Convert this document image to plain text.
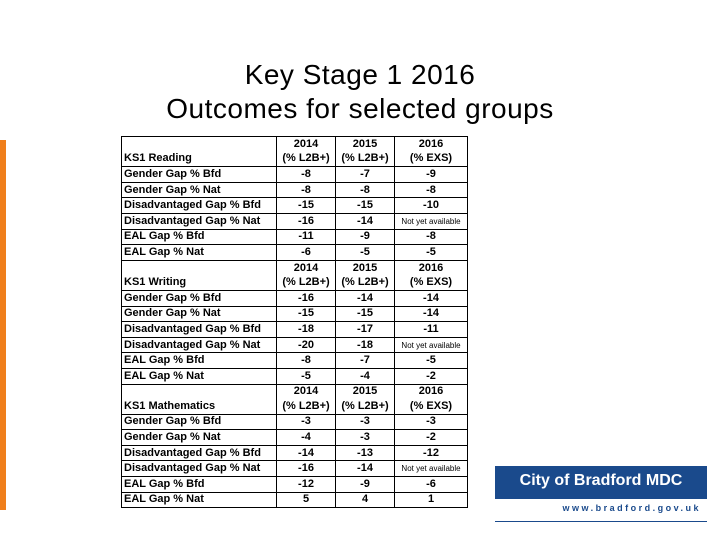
Key Stage 1 2016
Outcomes for selected groups
	2014	2015	2016
KS1 Reading	(% L2B+)	(% L2B+)	(% EXS)
Gender Gap % Bfd	-8	-7	-9
Gender Gap % Nat	-8	-8	-8
Disadvantaged Gap % Bfd	-15	-15	-10
Disadvantaged Gap % Nat	-16	-14	Not yet available
EAL Gap % Bfd	-11	-9	-8
EAL Gap % Nat	-6	-5	-5
	2014	2015	2016
KS1 Writing	(% L2B+)	(% L2B+)	(% EXS)
Gender Gap % Bfd	-16	-14	-14
Gender Gap % Nat	-15	-15	-14
Disadvantaged Gap % Bfd	-18	-17	-11
Disadvantaged Gap % Nat	-20	-18	Not yet available
EAL Gap % Bfd	-8	-7	-5
EAL Gap % Nat	-5	-4	-2
	2014	2015	2016
KS1 Mathematics	(% L2B+)	(% L2B+)	(% EXS)
Gender Gap % Bfd	-3	-3	-3
Gender Gap % Nat	-4	-3	-2
Disadvantaged Gap % Bfd	-14	-13	-12
Disadvantaged Gap % Nat	-16	-14	Not yet available
EAL Gap % Bfd	-12	-9	-6
EAL Gap % Nat	5	4	1
City of Bradford MDC
www.bradford.gov.uk
